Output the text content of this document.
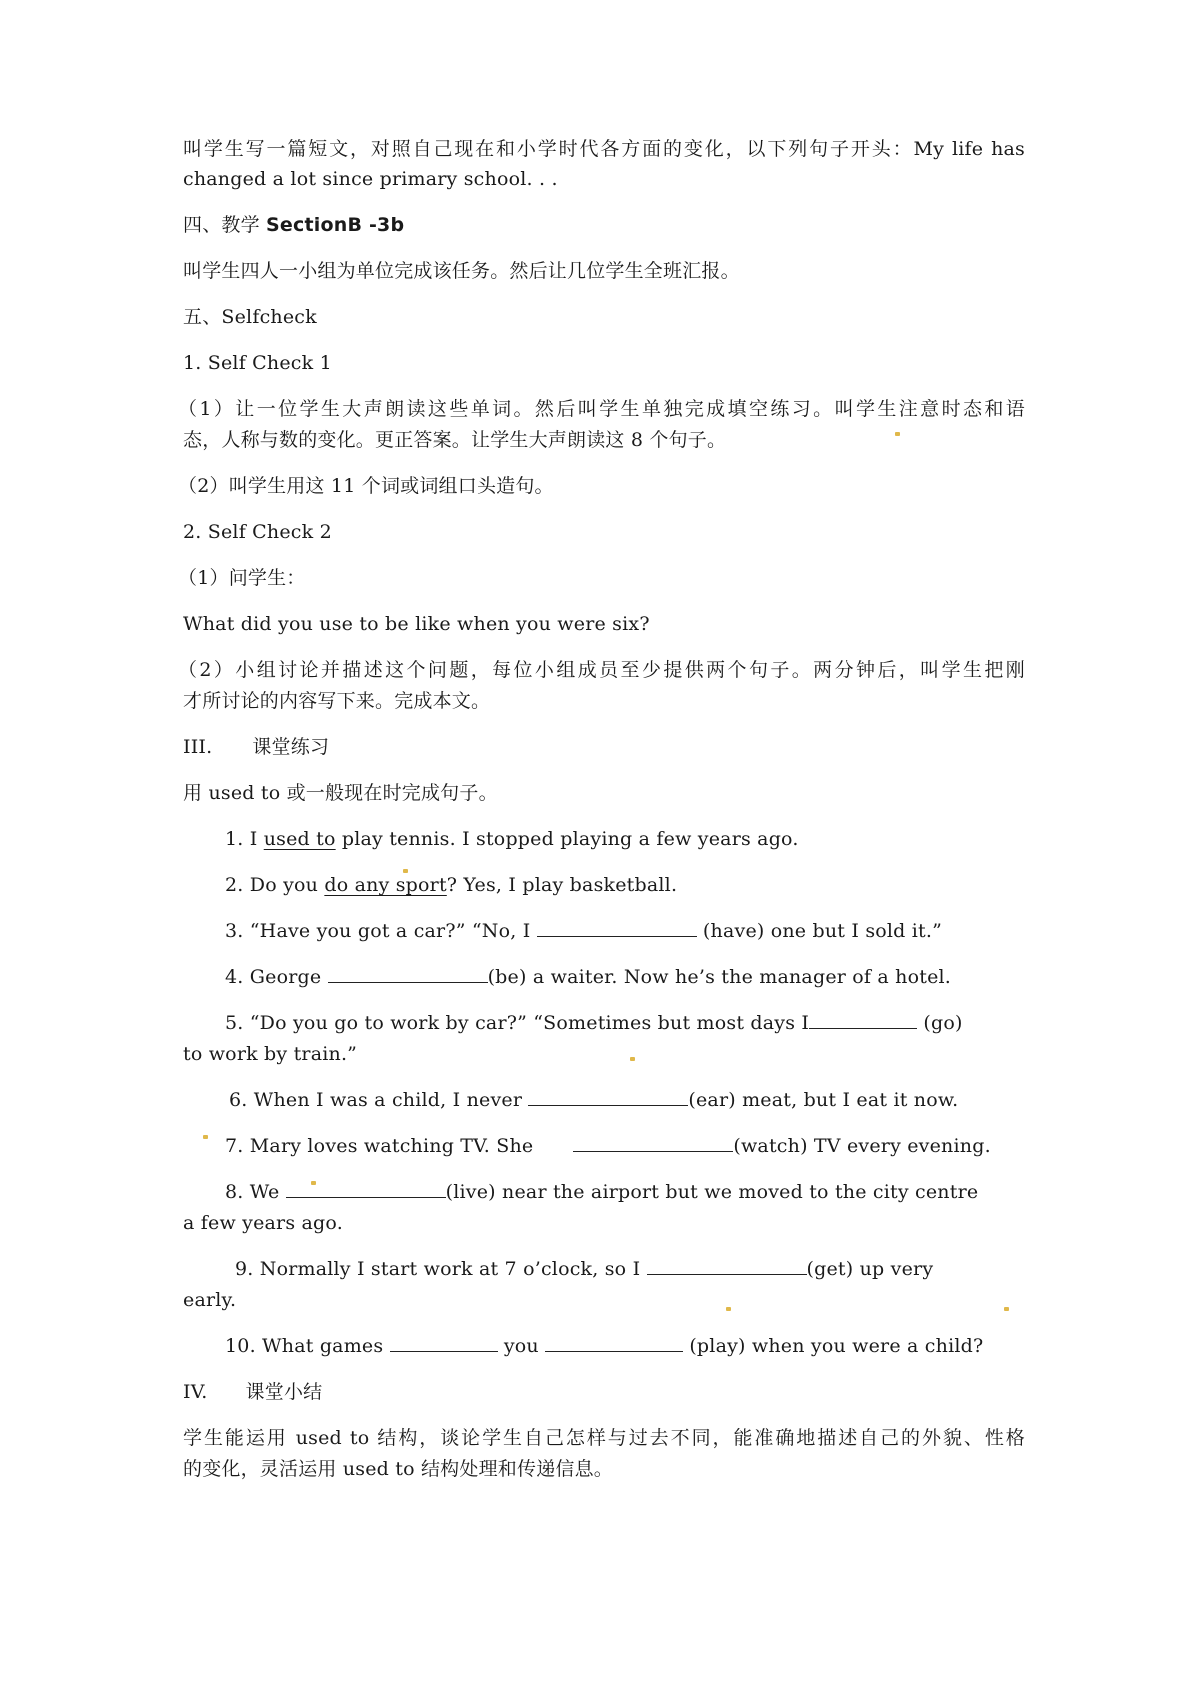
叫学生写一篇短文，对照自己现在和小学时代各方面的变化，以下列句子开头：My life has
changed a lot since primary school. . .
四、教学 SectionB -3b
叫学生四人一小组为单位完成该任务。然后让几位学生全班汇报。
五、Selfcheck
1. Self Check 1
（1）让一位学生大声朗读这些单词。然后叫学生单独完成填空练习。叫学生注意时态和语
态，人称与数的变化。更正答案。让学生大声朗读这 8 个句子。
（2）叫学生用这 11 个词或词组口头造句。
2. Self Check 2
（1）问学生：
What did you use to be like when you were six?
（2）小组讨论并描述这个问题，每位小组成员至少提供两个句子。两分钟后，叫学生把刚
才所讨论的内容写下来。完成本文。
III. 课堂练习
用 used to 或一般现在时完成句子。
1. I used to play tennis. I stopped playing a few years ago.
2. Do you do any sport? Yes, I play basketball.
3. “Have you got a car?” “No, I	(have) one but I sold it.”
4. George	(be) a waiter. Now he’s the manager of a hotel.
5. “Do you go to work by car?” “Sometimes but most days I	(go)
to work by train.”
6. When I was a child, I never	(ear) meat, but I eat it now.
7. Mary loves watching TV. She	(watch) TV every evening.
8. We	(live) near the airport but we moved to the city centre
a few years ago.
9. Normally I start work at 7 o’clock, so I	(get) up very
early.
10. What games	you	(play) when you were a child?
IV. 课堂小结
学生能运用 used to 结构，谈论学生自己怎样与过去不同，能准确地描述自己的外貌、性格
的变化，灵活运用 used to 结构处理和传递信息。
